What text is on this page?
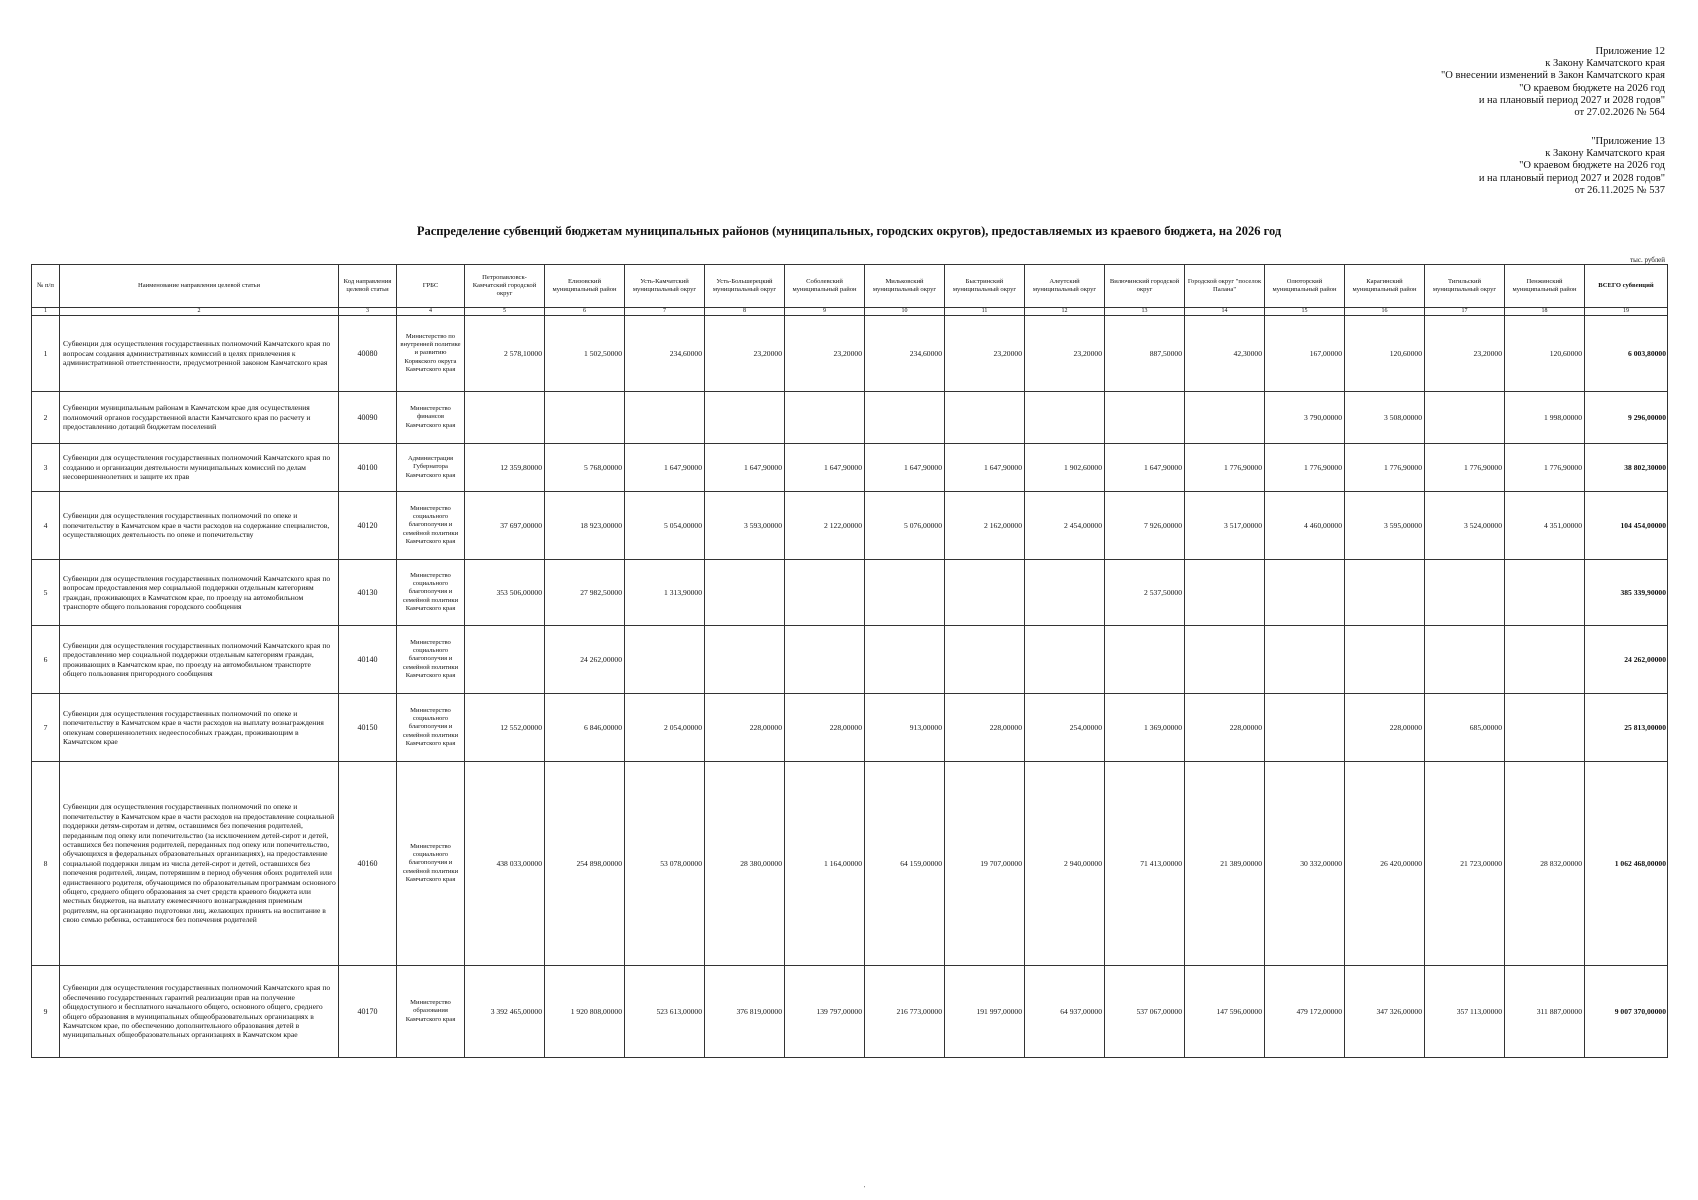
Приложение 12
к Закону Камчатского края
"О внесении изменений в Закон Камчатского края
"О краевом бюджете на 2026 год
и на плановый период 2027 и 2028 годов"
от 27.02.2026 № 564
"Приложение 13
к Закону Камчатского края
"О краевом бюджете на 2026 год
и на плановый период 2027 и 2028 годов"
от 26.11.2025 № 537
Распределение субвенций бюджетам муниципальных районов (муниципальных, городских округов), предоставляемых из краевого бюджета, на 2026 год
тыс. рублей
№ п/п	Наименование направления целевой статьи	Код направления целевой статьи	ГРБС	Петропавловск-Камчатский городской округ	Елизовский муниципальный район	Усть-Камчатский муниципальный округ	Усть-Большерецкий муниципальный округ	Соболевский муниципальный район	Мильковский муниципальный округ	Быстринский муниципальный округ	Алеутский муниципальный округ	Вилючинский городской округ	Городской округ "поселок Палана"	Олюторский муниципальный район	Карагинский муниципальный район	Тигильский муниципальный округ	Пенжинский муниципальный район	ВСЕГО субвенций
1	2	3	4	5	6	7	8	9	10	11	12	13	14	15	16	17	18	19
1	Субвенции для осуществления государственных полномочий Камчатского края по вопросам создания административных комиссий в целях привлечения к административной ответственности, предусмотренной законом Камчатского края	40080	Министерство по внутренней политике и развитию Корякского округа Камчатского края	2 578,10000	1 502,50000	234,60000	23,20000	23,20000	234,60000	23,20000	23,20000	887,50000	42,30000	167,00000	120,60000	23,20000	120,60000	6 003,80000
2	Субвенции муниципальным районам в Камчатском крае для осуществления полномочий органов государственной власти Камчатского края по расчету и предоставлению дотаций бюджетам поселений	40090	Министерство финансов Камчатского края											3 790,00000	3 508,00000		1 998,00000	9 296,00000
3	Субвенции для осуществления государственных полномочий Камчатского края по созданию и организации деятельности муниципальных комиссий по делам несовершеннолетних и защите их прав	40100	Администрация Губернатора Камчатского края	12 359,80000	5 768,00000	1 647,90000	1 647,90000	1 647,90000	1 647,90000	1 647,90000	1 902,60000	1 647,90000	1 776,90000	1 776,90000	1 776,90000	1 776,90000	1 776,90000	38 802,30000
4	Субвенции для осуществления государственных полномочий по опеке и попечительству в Камчатском крае в части расходов на содержание специалистов, осуществляющих деятельность по опеке и попечительству	40120	Министерство социального благополучия и семейной политики Камчатского края	37 697,00000	18 923,00000	5 054,00000	3 593,00000	2 122,00000	5 076,00000	2 162,00000	2 454,00000	7 926,00000	3 517,00000	4 460,00000	3 595,00000	3 524,00000	4 351,00000	104 454,00000
5	Субвенции для осуществления государственных полномочий Камчатского края по вопросам предоставления мер социальной поддержки отдельным категориям граждан, проживающих в Камчатском крае, по проезду на автомобильном транспорте общего пользования городского сообщения	40130	Министерство социального благополучия и семейной политики Камчатского края	353 506,00000	27 982,50000	1 313,90000						2 537,50000						385 339,90000
6	Субвенции для осуществления государственных полномочий Камчатского края по предоставлению мер социальной поддержки отдельным категориям граждан, проживающих в Камчатском крае, по проезду на автомобильном транспорте общего пользования пригородного сообщения	40140	Министерство социального благополучия и семейной политики Камчатского края		24 262,00000													24 262,00000
7	Субвенции для осуществления государственных полномочий по опеке и попечительству в Камчатском крае в части расходов на выплату вознаграждения опекунам совершеннолетних недееспособных граждан, проживающим в Камчатском крае	40150	Министерство социального благополучия и семейной политики Камчатского края	12 552,00000	6 846,00000	2 054,00000	228,00000	228,00000	913,00000	228,00000	254,00000	1 369,00000	228,00000		228,00000	685,00000		25 813,00000
8	Субвенции для осуществления государственных полномочий по опеке и попечительству в Камчатском крае в части расходов на предоставление социальной поддержки детям-сиротам и детям, оставшимся без попечения родителей, переданным под опеку или попечительство (за исключением детей-сирот и детей, оставшихся без попечения родителей, переданных под опеку или попечительство, обучающихся в федеральных образовательных организациях), на предоставление социальной поддержки лицам из числа детей-сирот и детей, оставшихся без попечения родителей, лицам, потерявшим в период обучения обоих родителей или единственного родителя, обучающимся по образовательным программам основного общего, среднего общего образования за счет средств краевого бюджета или местных бюджетов, на выплату ежемесячного вознаграждения приемным родителям, на организацию подготовки лиц, желающих принять на воспитание в свою семью ребенка, оставшегося без попечения родителей	40160	Министерство социального благополучия и семейной политики Камчатского края	438 033,00000	254 898,00000	53 078,00000	28 380,00000	1 164,00000	64 159,00000	19 707,00000	2 940,00000	71 413,00000	21 389,00000	30 332,00000	26 420,00000	21 723,00000	28 832,00000	1 062 468,00000
9	Субвенции для осуществления государственных полномочий Камчатского края по обеспечению государственных гарантий реализации прав на получение общедоступного и бесплатного начального общего, основного общего, среднего общего образования в муниципальных общеобразовательных организациях в Камчатском крае, по обеспечению дополнительного образования детей в муниципальных общеобразовательных организациях в Камчатском крае	40170	Министерство образования Камчатского края	3 392 465,00000	1 920 808,00000	523 613,00000	376 819,00000	139 797,00000	216 773,00000	191 997,00000	64 937,00000	537 067,00000	147 596,00000	479 172,00000	347 326,00000	357 113,00000	311 887,00000	9 007 370,00000
'
